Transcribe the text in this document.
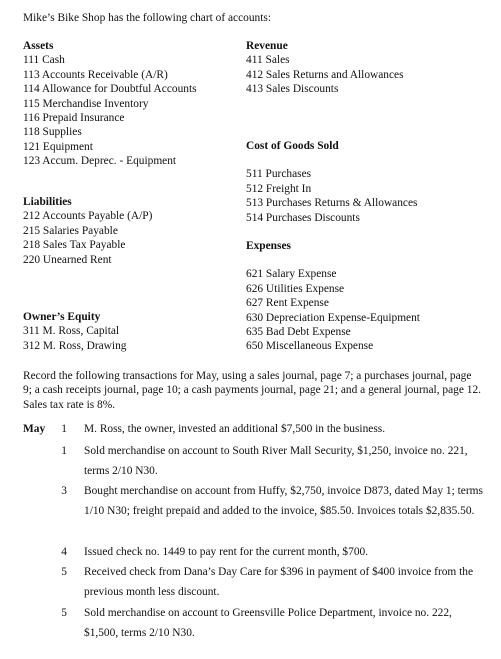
Mike’s Bike Shop has the following chart of accounts:
Assets
111 Cash
113 Accounts Receivable (A/R)
114 Allowance for Doubtful Accounts
115 Merchandise Inventory
116 Prepaid Insurance
118 Supplies
121 Equipment
123 Accum. Deprec. - Equipment
Liabilities
212 Accounts Payable (A/P)
215 Salaries Payable
218 Sales Tax Payable
220 Unearned Rent
Owner’s Equity
311 M. Ross, Capital
312 M. Ross, Drawing
Revenue
411 Sales
412 Sales Returns and Allowances
413 Sales Discounts
Cost of Goods Sold
511 Purchases
512 Freight In
513 Purchases Returns & Allowances
514 Purchases Discounts
Expenses
621 Salary Expense
626 Utilities Expense
627 Rent Expense
630 Depreciation Expense-Equipment
635 Bad Debt Expense
650 Miscellaneous Expense
Record the following transactions for May, using a sales journal, page 7; a purchases journal, page 9; a cash receipts journal, page 10; a cash payments journal, page 21; and a general journal, page 12. Sales tax rate is 8%.
May	1 M. Ross, the owner, invested an additional $7,500 in the business.
1 Sold merchandise on account to South River Mall Security, $1,250, invoice no. 221, terms 2/10 N30.
3 Bought merchandise on account from Huffy, $2,750, invoice D873, dated May 1; terms 1/10 N30; freight prepaid and added to the invoice, $85.50. Invoices totals $2,835.50.
4 Issued check no. 1449 to pay rent for the current month, $700.
5 Received check from Dana’s Day Care for $396 in payment of $400 invoice from the previous month less discount.
5 Sold merchandise on account to Greensville Police Department, invoice no. 222, $1,500, terms 2/10 N30.
